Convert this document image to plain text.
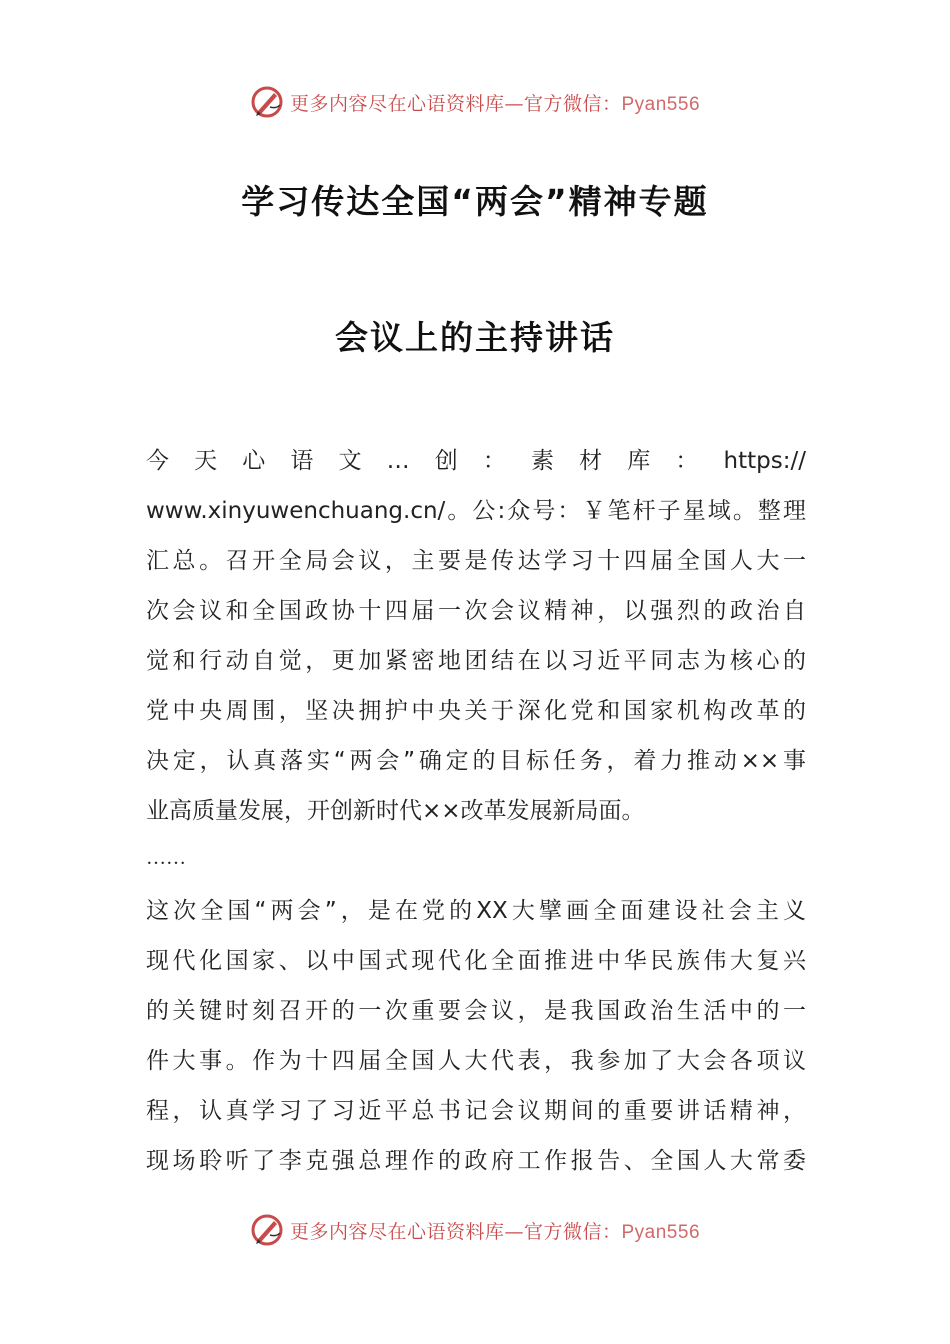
更多内容尽在心语资料库—官方微信：Pyan556
学习传达全国“两会”精神专题
会议上的主持讲话
今天心语文…创：素材库：https://
www.xinyuwenchuang.cn/。公:众号：￥笔杆子星域。整理
汇总。召开全局会议，主要是传达学习十四届全国人大一
次会议和全国政协十四届一次会议精神，以强烈的政治自
觉和行动自觉，更加紧密地团结在以习近平同志为核心的
党中央周围，坚决拥护中央关于深化党和国家机构改革的
决定，认真落实“两会”确定的目标任务，着力推动××事
业高质量发展，开创新时代××改革发展新局面。
……
这次全国“两会”，是在党的XX大擘画全面建设社会主义
现代化国家、以中国式现代化全面推进中华民族伟大复兴
的关键时刻召开的一次重要会议，是我国政治生活中的一
件大事。作为十四届全国人大代表，我参加了大会各项议
程，认真学习了习近平总书记会议期间的重要讲话精神，
现场聆听了李克强总理作的政府工作报告、全国人大常委
更多内容尽在心语资料库—官方微信：Pyan556
